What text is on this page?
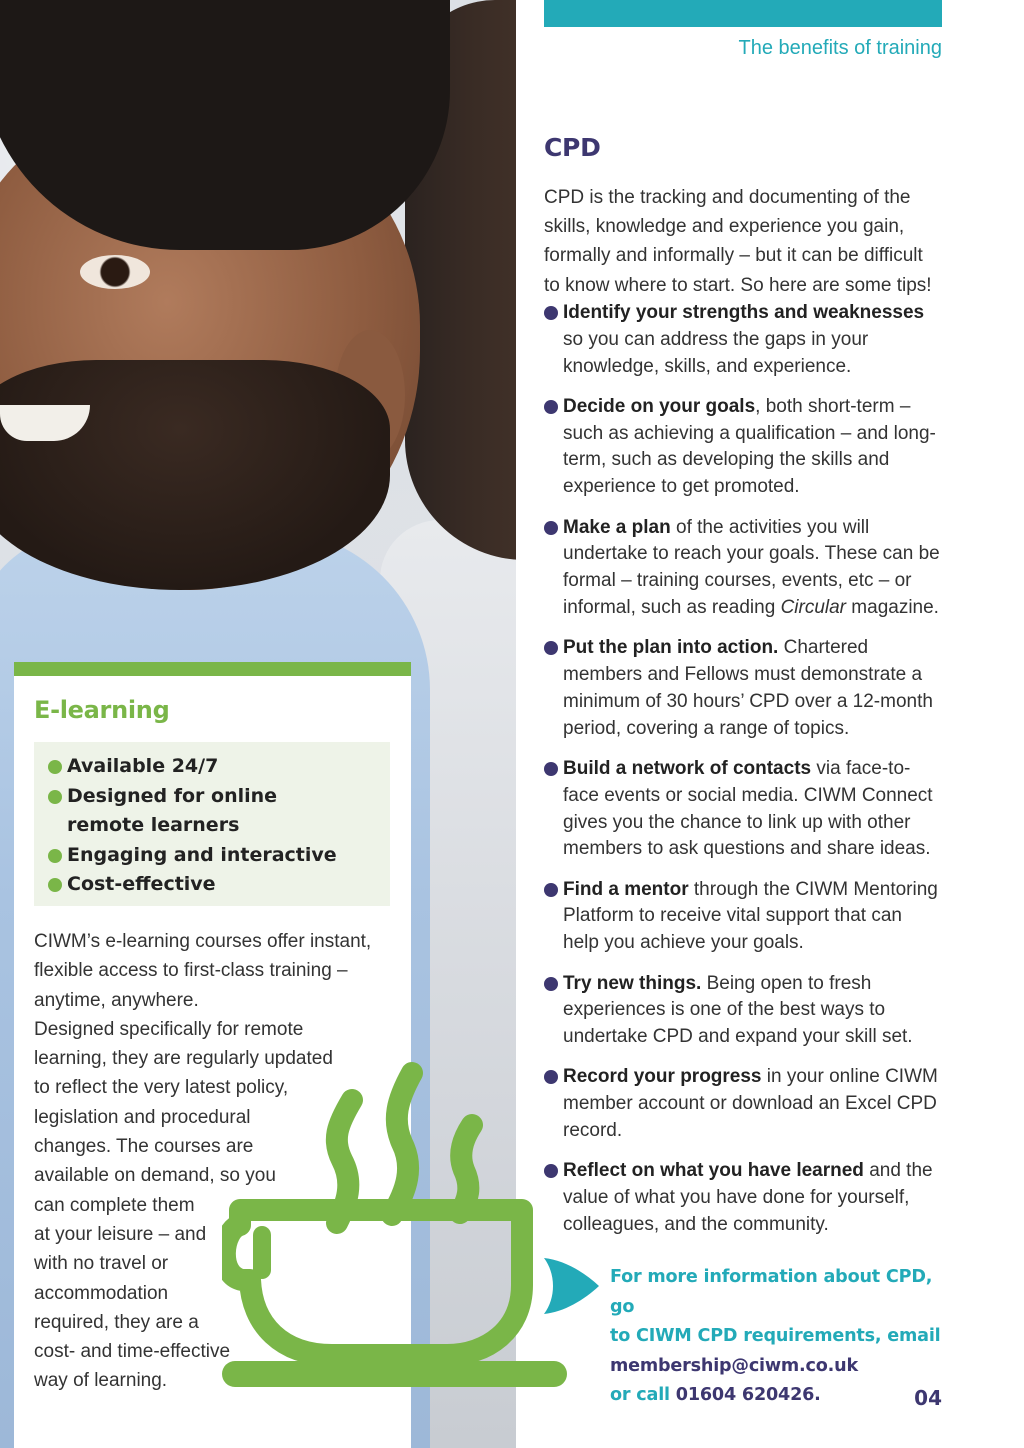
E-learning
Available 24/7
Designed for online
remote learners
Engaging and interactive
Cost-effective
CIWM’s e-learning courses offer instant,
flexible access to first-class training –
anytime, anywhere.
Designed specifically for remote
learning, they are regularly updated
to reflect the very latest policy,
legislation and procedural
changes. The courses are
available on demand, so you
can complete them
at your leisure – and
with no travel or
accommodation
required, they are a
cost- and time-effective
way of learning.
The benefits of training
CPD
CPD is the tracking and documenting of the
skills, knowledge and experience you gain,
formally and informally – but it can be difficult
to know where to start. So here are some tips!
Identify your strengths and weaknesses so you can address the gaps in your knowledge, skills, and experience.
Decide on your goals, both short-term – such as achieving a qualification – and long-term, such as developing the skills and experience to get promoted.
Make a plan of the activities you will undertake to reach your goals. These can be formal – training courses, events, etc – or informal, such as reading Circular magazine.
Put the plan into action. Chartered members and Fellows must demonstrate a minimum of 30 hours’ CPD over a 12-month period, covering a range of topics.
Build a network of contacts via face-to-face events or social media. CIWM Connect gives you the chance to link up with other members to ask questions and share ideas.
Find a mentor through the CIWM Mentoring Platform to receive vital support that can help you achieve your goals.
Try new things. Being open to fresh experiences is one of the best ways to undertake CPD and expand your skill set.
Record your progress in your online CIWM member account or download an Excel CPD record.
Reflect on what you have learned and the value of what you have done for yourself, colleagues, and the community.
For more information about CPD, go
to CIWM CPD requirements, email
membership@ciwm.co.uk
or call 01604 620426.	04
